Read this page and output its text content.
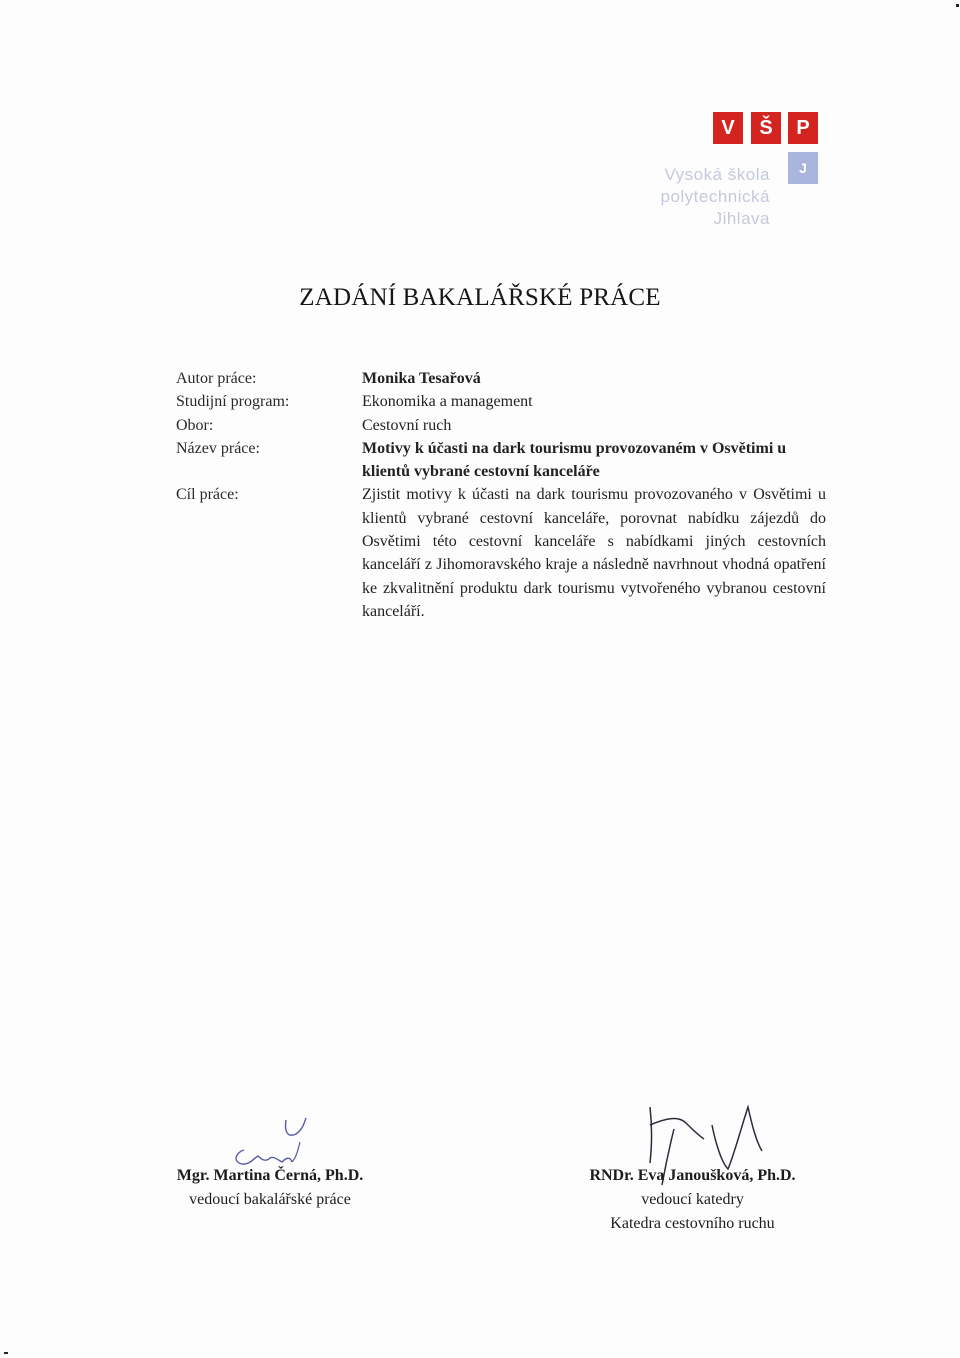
V	Š	P
J
Vysoká škola
polytechnická
Jihlava
ZADÁNÍ BAKALÁŘSKÉ PRÁCE
Autor práce:	Monika Tesařová
Studijní program:	Ekonomika a management
Obor:	Cestovní ruch
Název práce:	Motivy k účasti na dark tourismu provozovaném v Osvětimi u klientů vybrané cestovní kanceláře
Cíl práce:	Zjistit motivy k účasti na dark tourismu provozovaného v Osvětimi u klientů vybrané cestovní kanceláře, porovnat nabídku zájezdů do Osvětimi této cestovní kanceláře s nabídkami jiných cestovních kanceláří z Jihomoravského kraje a následně navrhnout vhodná opatření ke zkvalitnění produktu dark tourismu vytvořeného vybranou cestovní kanceláří.
Mgr. Martina Černá, Ph.D.
vedoucí bakalářské práce
RNDr. Eva Janoušková, Ph.D.
vedoucí katedry
Katedra cestovního ruchu
